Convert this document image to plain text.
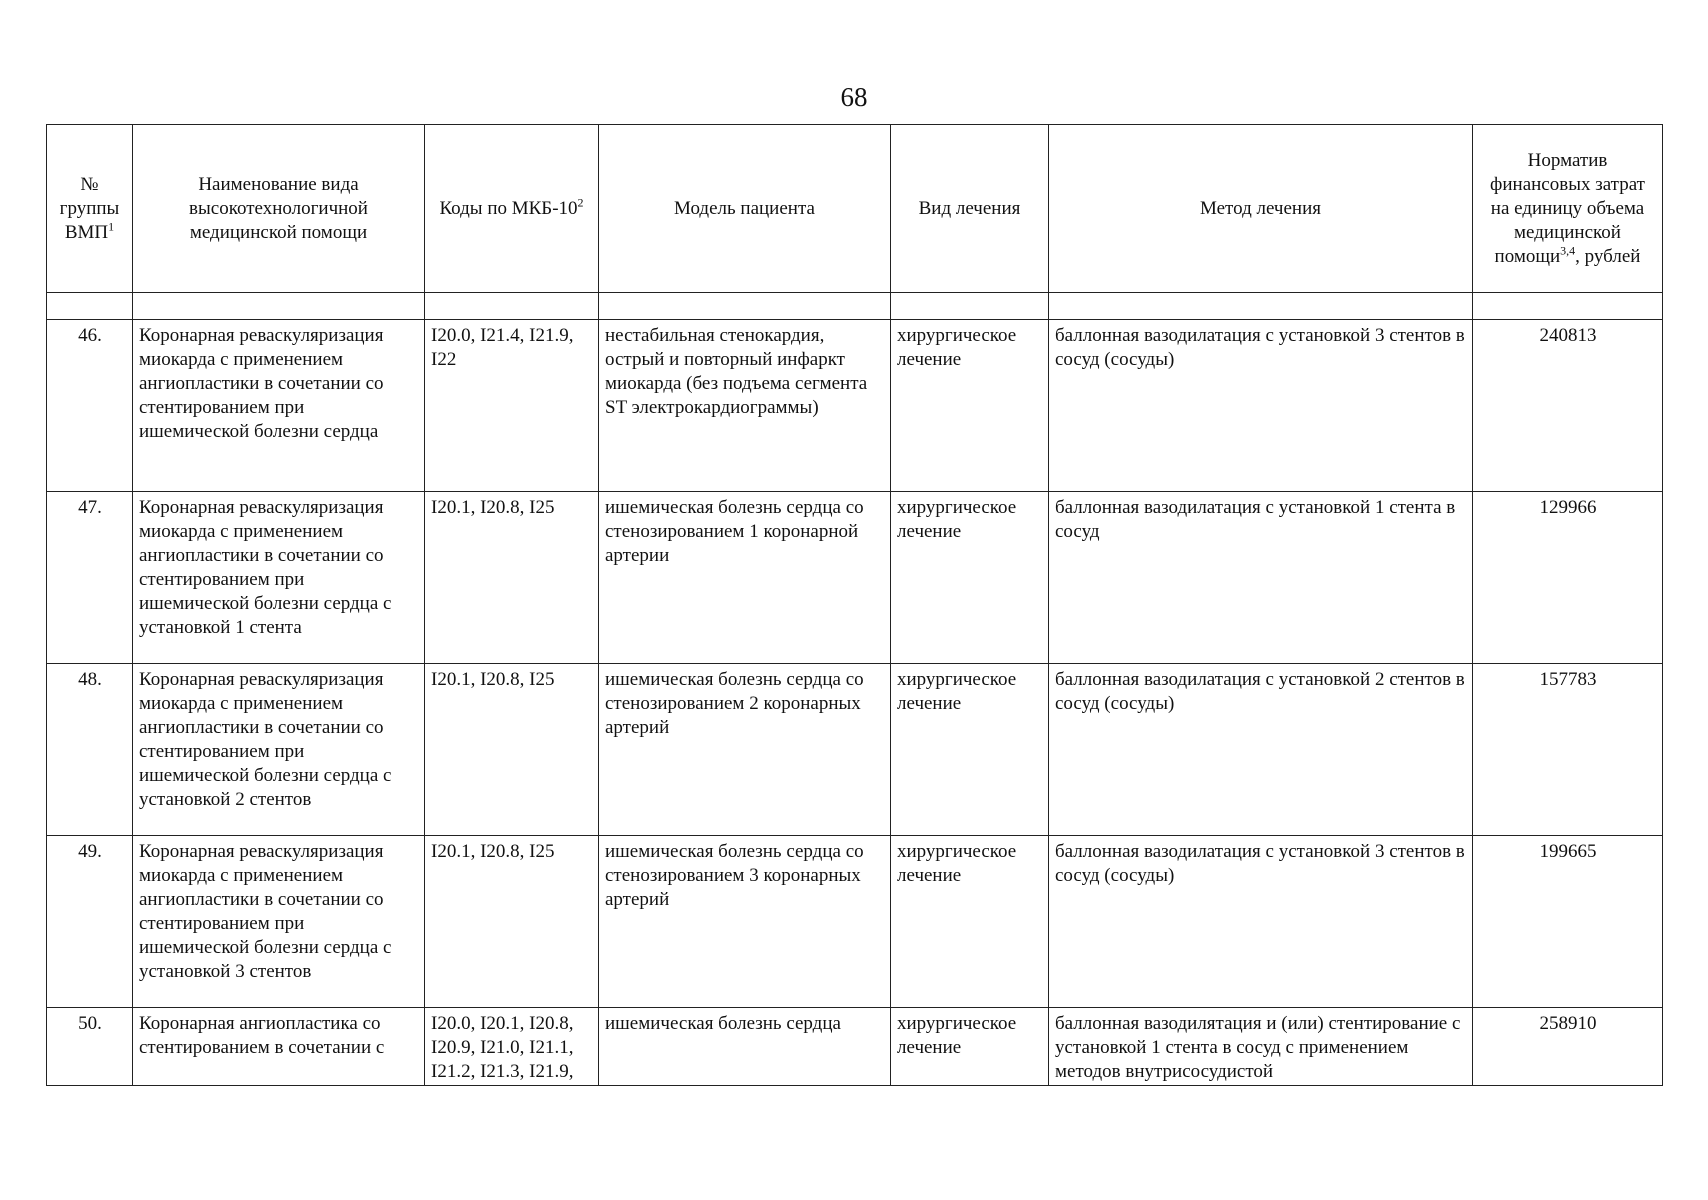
68
№ группы ВМП$^1$	Наименование вида высокотехнологичной медицинской помощи	Коды по МКБ-$10^2$	Модель пациента	Вид лечения	Метод лечения	Норматив финансовых затрат на единицу объема медицинской помощи$^{3,4}$, рублей

46.	Коронарная реваскуляризация миокарда с применением ангиопластики в сочетании со стентированием при ишемической болезни сердца	I20.0, I21.4, I21.9, I22	нестабильная стенокардия, острый и повторный инфаркт миокарда (без подъема сегмента ST электрокардиограммы)	хирургическое лечение	баллонная вазодилатация с установкой 3 стентов в сосуд (сосуды)	240813
47.	Коронарная реваскуляризация миокарда с применением ангиопластики в сочетании со стентированием при ишемической болезни сердца с установкой 1 стента	I20.1, I20.8, I25	ишемическая болезнь сердца со стенозированием 1 коронарной артерии	хирургическое лечение	баллонная вазодилатация с установкой 1 стента в сосуд	129966
48.	Коронарная реваскуляризация миокарда с применением ангиопластики в сочетании со стентированием при ишемической болезни сердца с установкой 2 стентов	I20.1, I20.8, I25	ишемическая болезнь сердца со стенозированием 2 коронарных артерий	хирургическое лечение	баллонная вазодилатация с установкой 2 стентов в сосуд (сосуды)	157783
49.	Коронарная реваскуляризация миокарда с применением ангиопластики в сочетании со стентированием при ишемической болезни сердца с установкой 3 стентов	I20.1, I20.8, I25	ишемическая болезнь сердца со стенозированием 3 коронарных артерий	хирургическое лечение	баллонная вазодилатация с установкой 3 стентов в сосуд (сосуды)	199665
50.	Коронарная ангиопластика со стентированием в сочетании с	I20.0, I20.1, I20.8, I20.9, I21.0, I21.1, I21.2, I21.3, I21.9,	ишемическая болезнь сердца	хирургическое лечение	баллонная вазодилятация и (или) стентирование с установкой 1 стента в сосуд с применением методов внутрисосудистой	258910
